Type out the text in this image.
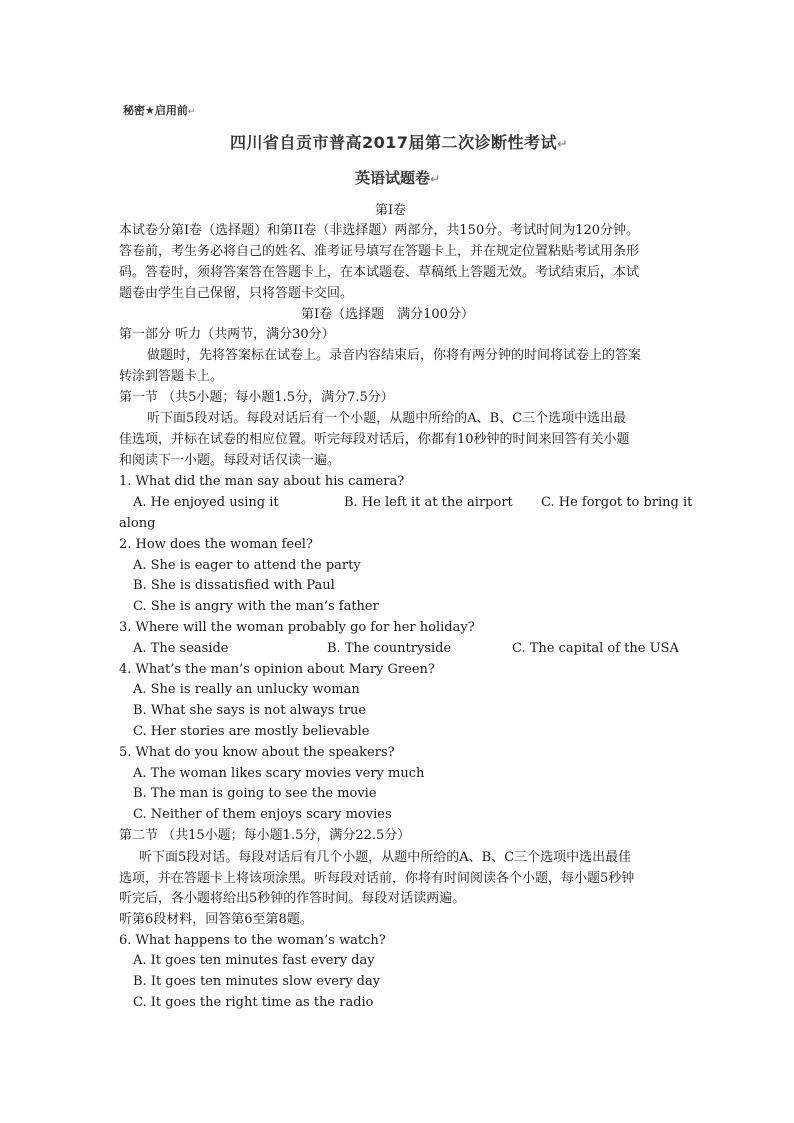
秘密★启用前↵
四川省自贡市普高2017届第二次诊断性考试↵
英语试题卷↵
第I卷
本试卷分第I卷（选择题）和第II卷（非选择题）两部分，共150分。考试时间为120分钟。
答卷前，考生务必将自己的姓名、准考证号填写在答题卡上，并在规定位置粘贴考试用条形
码。答卷时，须将答案答在答题卡上，在本试题卷、草稿纸上答题无效。考试结束后，本试
题卷由学生自己保留，只将答题卡交回。
第I卷（选择题　满分100分）
第一部分 听力（共两节，满分30分）
做题时，先将答案标在试卷上。录音内容结束后，你将有两分钟的时间将试卷上的答案
转涂到答题卡上。
第一节 （共5小题；每小题1.5分，满分7.5分）
听下面5段对话。每段对话后有一个小题，从题中所给的A、B、C三个选项中选出最
佳选项，并标在试卷的相应位置。听完每段对话后，你都有10秒钟的时间来回答有关小题
和阅读下一小题。每段对话仅读一遍。
1. What did the man say about his camera?
A. He enjoyed using it	B. He left it at the airport C. He forgot to bring it
along
2. How does the woman feel?
A. She is eager to attend the party
B. She is dissatisfied with Paul
C. She is angry with the man’s father
3. Where will the woman probably go for her holiday?
A. The seaside	B. The countryside	C. The capital of the USA
4. What’s the man’s opinion about Mary Green?
A. She is really an unlucky woman
B. What she says is not always true
C. Her stories are mostly believable
5. What do you know about the speakers?
A. The woman likes scary movies very much
B. The man is going to see the movie
C. Neither of them enjoys scary movies
第二节 （共15小题；每小题1.5分，满分22.5分）
听下面5段对话。每段对话后有几个小题，从题中所给的A、B、C三个选项中选出最佳
选项，并在答题卡上将该项涂黑。听每段对话前，你将有时间阅读各个小题，每小题5秒钟
听完后，各小题将给出5秒钟的作答时间。每段对话读两遍。
听第6段材料，回答第6至第8题。
6. What happens to the woman’s watch?
A. It goes ten minutes fast every day
B. It goes ten minutes slow every day
C. It goes the right time as the radio
